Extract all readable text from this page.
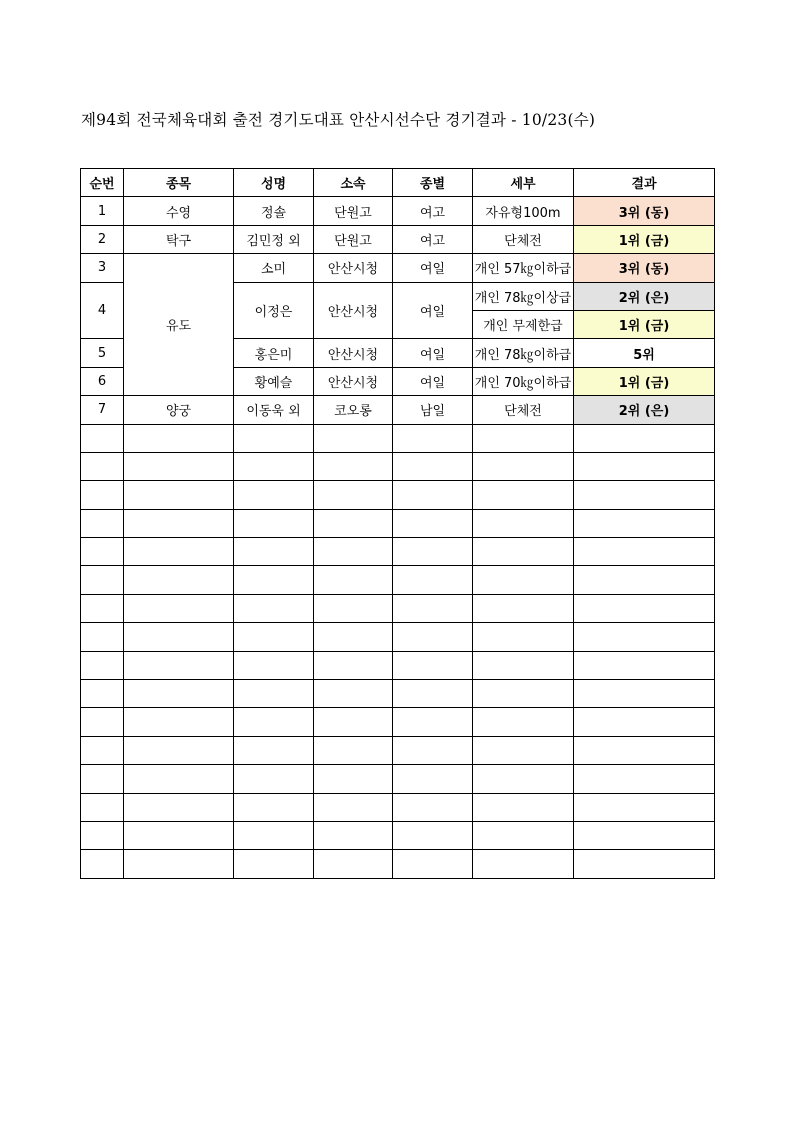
제94회 전국체육대회 출전 경기도대표 안산시선수단 경기결과 - 10/23(수)
순번	종목	성명	소속	종별	세부	결과
1	수영	정솔	단원고	여고	자유형100m	3위 (동)
2	탁구	김민정 외	단원고	여고	단체전	1위 (금)
3	유도	소미	안산시청	여일	개인 57㎏이하급	3위 (동)
4		이정은	안산시청	여일	개인 78㎏이상급	2위 (은)
					개인 무제한급	1위 (금)
5		홍은미	안산시청	여일	개인 78㎏이하급	5위
6		황예슬	안산시청	여일	개인 70㎏이하급	1위 (금)
7	양궁	이동욱 외	코오롱	남일	단체전	2위 (은)
